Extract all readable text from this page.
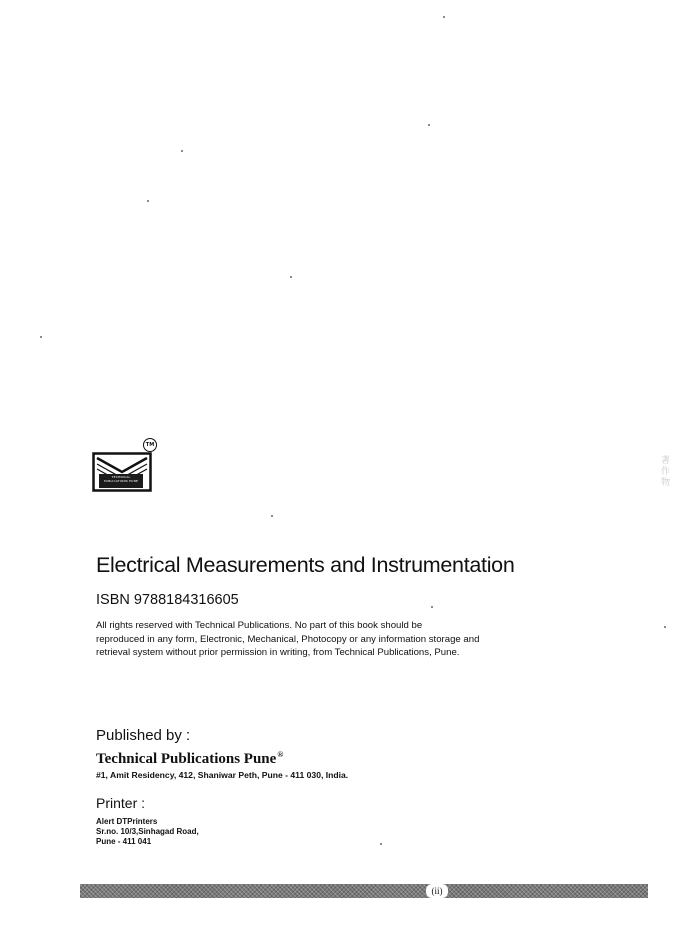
TM
TECHNICAL PUBLICATIONS PUNE
著作物
Electrical Measurements and Instrumentation
ISBN 9788184316605
All rights reserved with Technical Publications. No part of this book should be
reproduced in any form, Electronic, Mechanical, Photocopy or any information storage and
retrieval system without prior permission in writing, from Technical Publications, Pune.
Published by :
Technical Publications Pune®
#1, Amit Residency, 412, Shaniwar Peth, Pune - 411 030, India.
Printer :
Alert DTPrinters
Sr.no. 10/3,Sinhagad Road,
Pune - 411 041
(ii)
